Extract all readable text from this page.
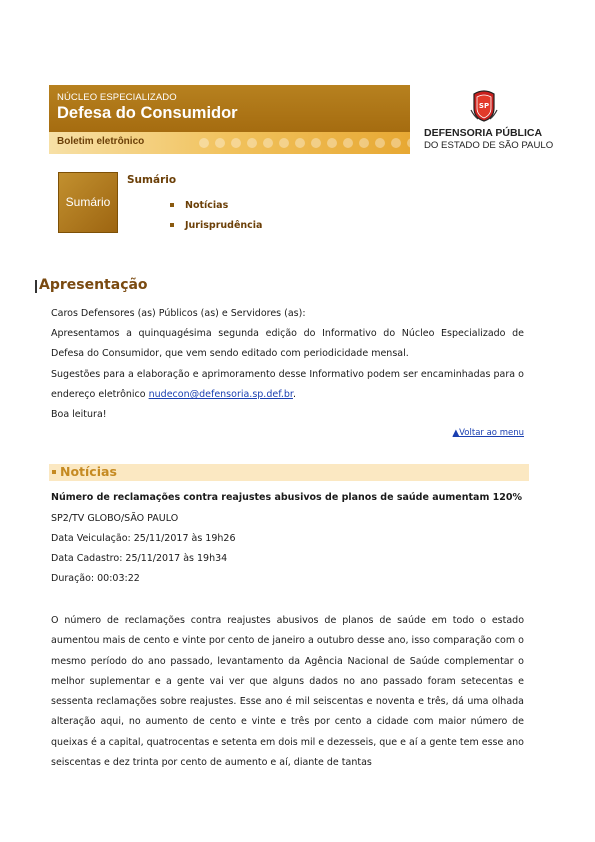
NÚCLEO ESPECIALIZADO
Defesa do Consumidor
Boletim eletrônico
SP
DEFENSORIA PÚBLICA
DO ESTADO DE SÃO PAULO
Sumário
Sumário
Notícias
Jurisprudência
Apresentação
Caros Defensores (as) Públicos (as) e Servidores (as):
Apresentamos a quinquagésima segunda edição do Informativo do Núcleo Especializado de Defesa do Consumidor, que vem sendo editado com periodicidade mensal.
Sugestões para a elaboração e aprimoramento desse Informativo podem ser encaminhadas para o endereço eletrônico nudecon@defensoria.sp.def.br.
Boa leitura!
▲Voltar ao menu
Notícias
Número de reclamações contra reajustes abusivos de planos de saúde aumentam 120%
SP2/TV GLOBO/SÃO PAULO
Data Veiculação: 25/11/2017 às 19h26
Data Cadastro: 25/11/2017 às 19h34
Duração: 00:03:22
O número de reclamações contra reajustes abusivos de planos de saúde em todo o estado aumentou mais de cento e vinte por cento de janeiro a outubro desse ano, isso comparação com o mesmo período do ano passado, levantamento da Agência Nacional de Saúde complementar o melhor suplementar e a gente vai ver que alguns dados no ano passado foram setecentas e sessenta reclamações sobre reajustes. Esse ano é mil seiscentas e noventa e três, dá uma olhada alteração aqui, no aumento de cento e vinte e três por cento a cidade com maior número de queixas é a capital, quatrocentas e setenta em dois mil e dezesseis, que e aí a gente tem esse ano seiscentas e dez trinta por cento de aumento e aí, diante de tantas
